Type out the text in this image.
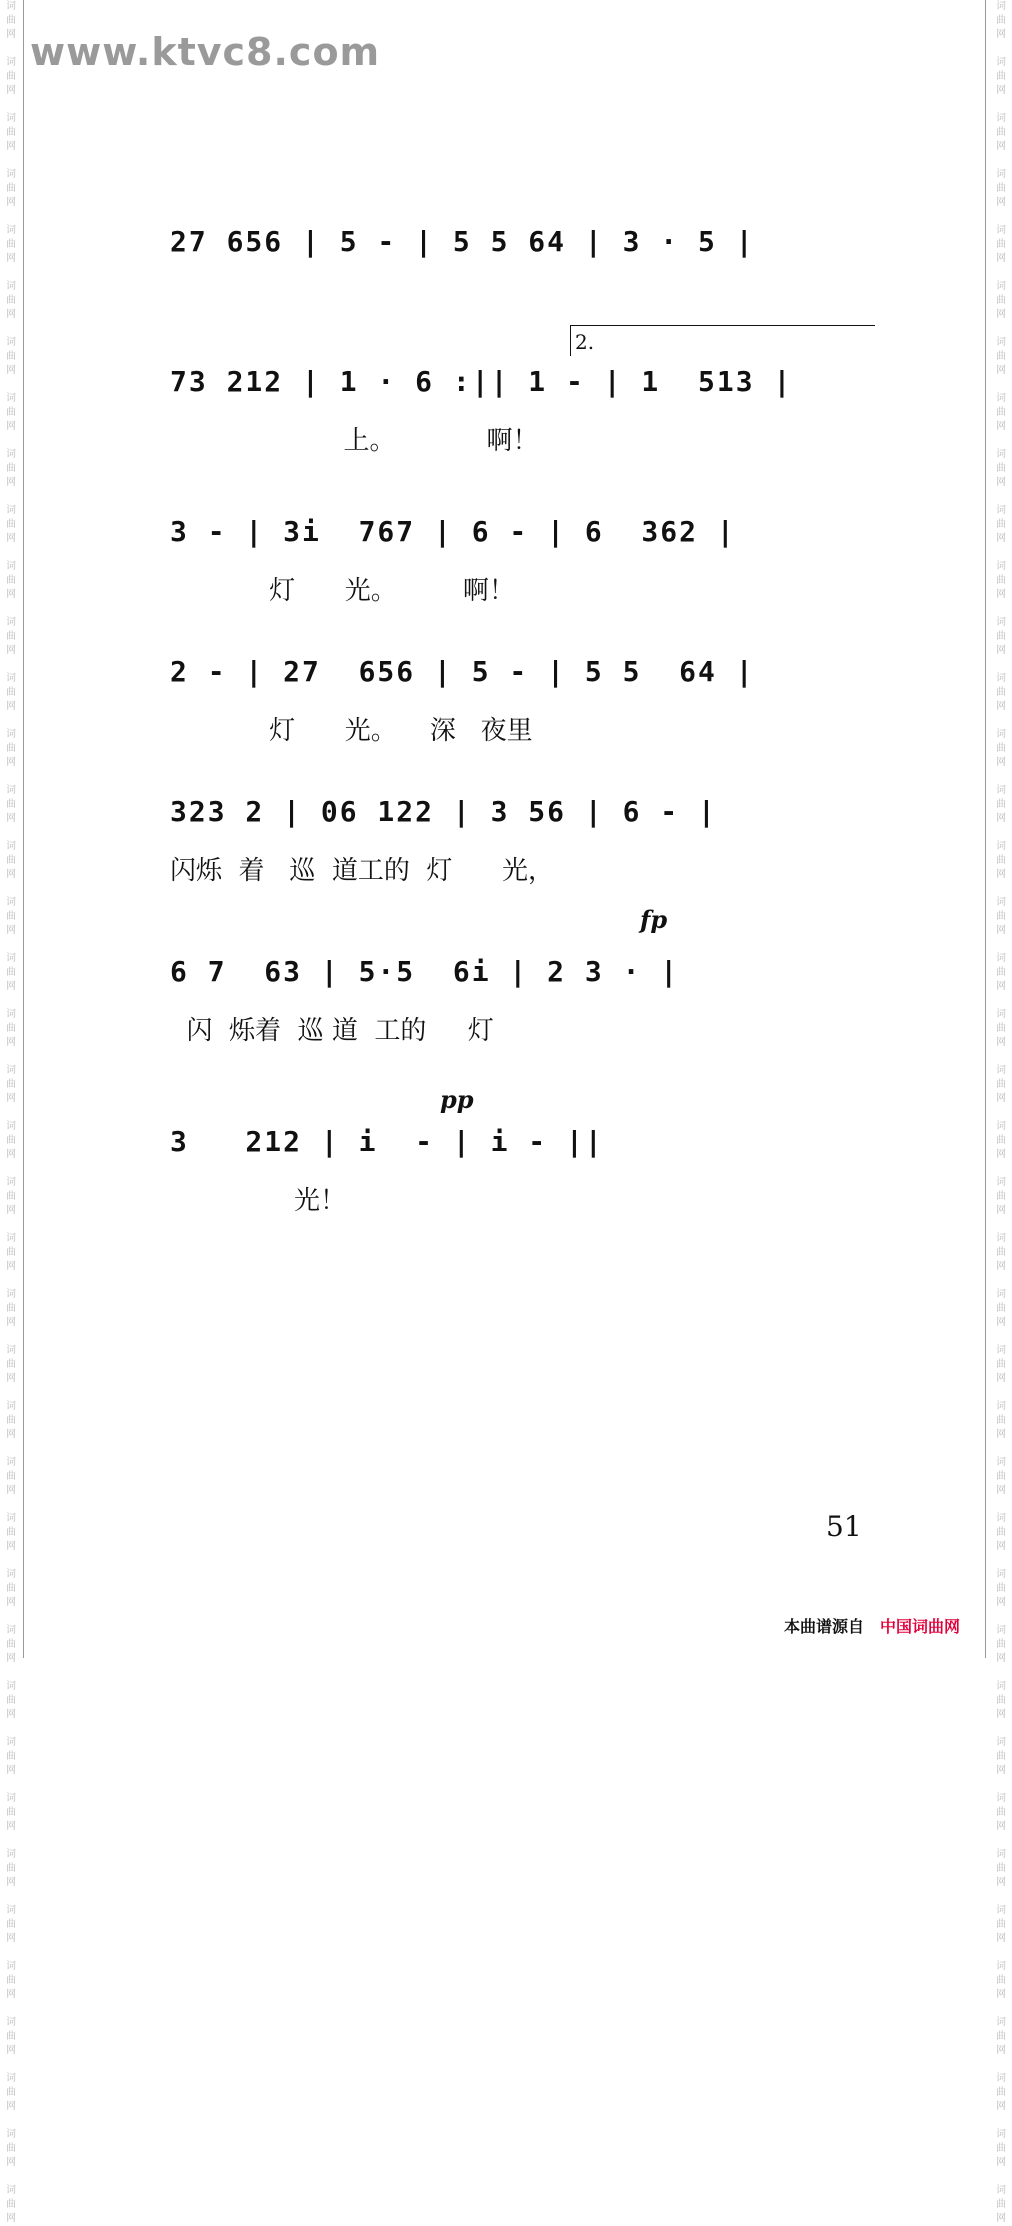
词
曲
网

词
曲
网

词
曲
网

词
曲
网

词
曲
网

词
曲
网

词
曲
网

词
曲
网

词
曲
网

词
曲
网

词
曲
网

词
曲
网

词
曲
网

词
曲
网

词
曲
网

词
曲
网

词
曲
网

词
曲
网

词
曲
网

词
曲
网

词
曲
网

词
曲
网

词
曲
网

词
曲
网

词
曲
网

词
曲
网

词
曲
网

词
曲
网

词
曲
网

词
曲
网

词
曲
网

词
曲
网

词
曲
网

词
曲
网

词
曲
网

词
曲
网

词
曲
网

词
曲
网

词
曲
网

词
曲
网

词
曲
网

词
曲
网

词
曲
网

词
曲
网

词
曲
网

词
曲
网

词
曲
网

词
曲
网

词
曲
网

词
曲
网

词
曲
网

词
曲
网

词
曲
网

词
曲
网

词
曲
网

词
曲
网

词
曲
网

词
曲
网

词
曲
网

词
曲
网

词
曲
网

词
曲
网

词
曲
网

词
曲
网

词
曲
网

词
曲
网

词
曲
网

词
曲
网

词
曲
网

词
曲
网

词
曲
网

词
曲
网

词
曲
网

词
曲
网

词
曲
网

词
曲
网

词
曲
网

词
曲
网

词
曲
网

词
曲
网

www.ktvc8.com
27 656 | 5 - | 5 5 64 | 3 · 5 |
2.
73 212 | 1 · 6 :|| 1 - | 1  513 |
上。           啊！
3 - | 3i  767 | 6 - | 6  362 |
灯      光。        啊！
2 - | 27  656 | 5 - | 5 5  64 |
灯      光。    深   夜里
323 2 | 06 122 | 3 56 | 6 - |
闪烁  着   巡  道工的  灯      光，
fp
6 7  63 | 5·5  6i | 2 3 · |
闪  烁着  巡 道  工的     灯
pp
3   212 | i  - | i - ||
光！
51
本曲谱源自 中国词曲网
